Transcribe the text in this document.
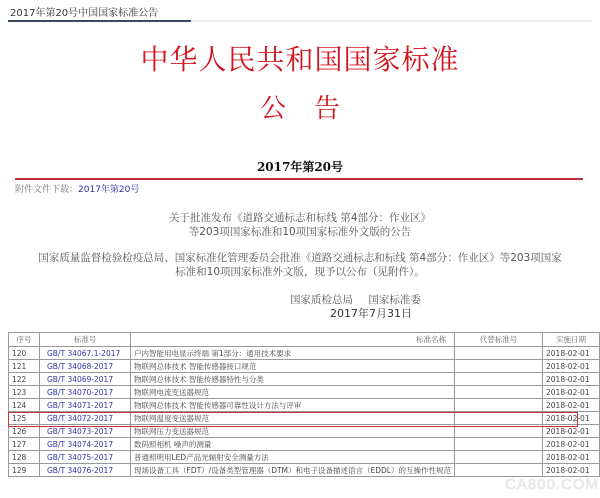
2017年第20号中国国家标准公告
中华人民共和国国家标准
公告
2017年第20号
附件文件下载：2017年第20号
关于批准发布《道路交通标志和标线 第4部分：作业区》
等203项国家标准和10项国家标准外文版的公告
国家质量监督检验检疫总局、国家标准化管理委员会批准《道路交通标志和标线 第4部分：作业区》等203项国家
标准和10项国家标准外文版，现予以公布（见附件）。
国家质检总局 国家标准委
2017年7月31日
序号	标准号	标准名称	代替标准号	实施日期
120	GB/T 34067.1-2017	户内智能用电显示终端 第1部分：通用技术要求		2018-02-01
121	GB/T 34068-2017	物联网总体技术 智能传感器接口规范		2018-02-01
122	GB/T 34069-2017	物联网总体技术 智能传感器特性与分类		2018-02-01
123	GB/T 34070-2017	物联网电流变送器规范		2018-02-01
124	GB/T 34071-2017	物联网总体技术 智能传感器可靠性设计方法与评审		2018-02-01
125	GB/T 34072-2017	物联网温度变送器规范		2018-02-01
126	GB/T 34073-2017	物联网压力变送器规范		2018-02-01
127	GB/T 34074-2017	数码照相机 噪声的测量		2018-02-01
128	GB/T 34075-2017	普通照明用LED产品光辐射安全测量方法		2018-02-01
129	GB/T 34076-2017	现场设备工具（FDT）/设备类型管理器（DTM）和电子设备描述语言（EDDL）的互操作性规范		2018-02-01
CA800.COM
